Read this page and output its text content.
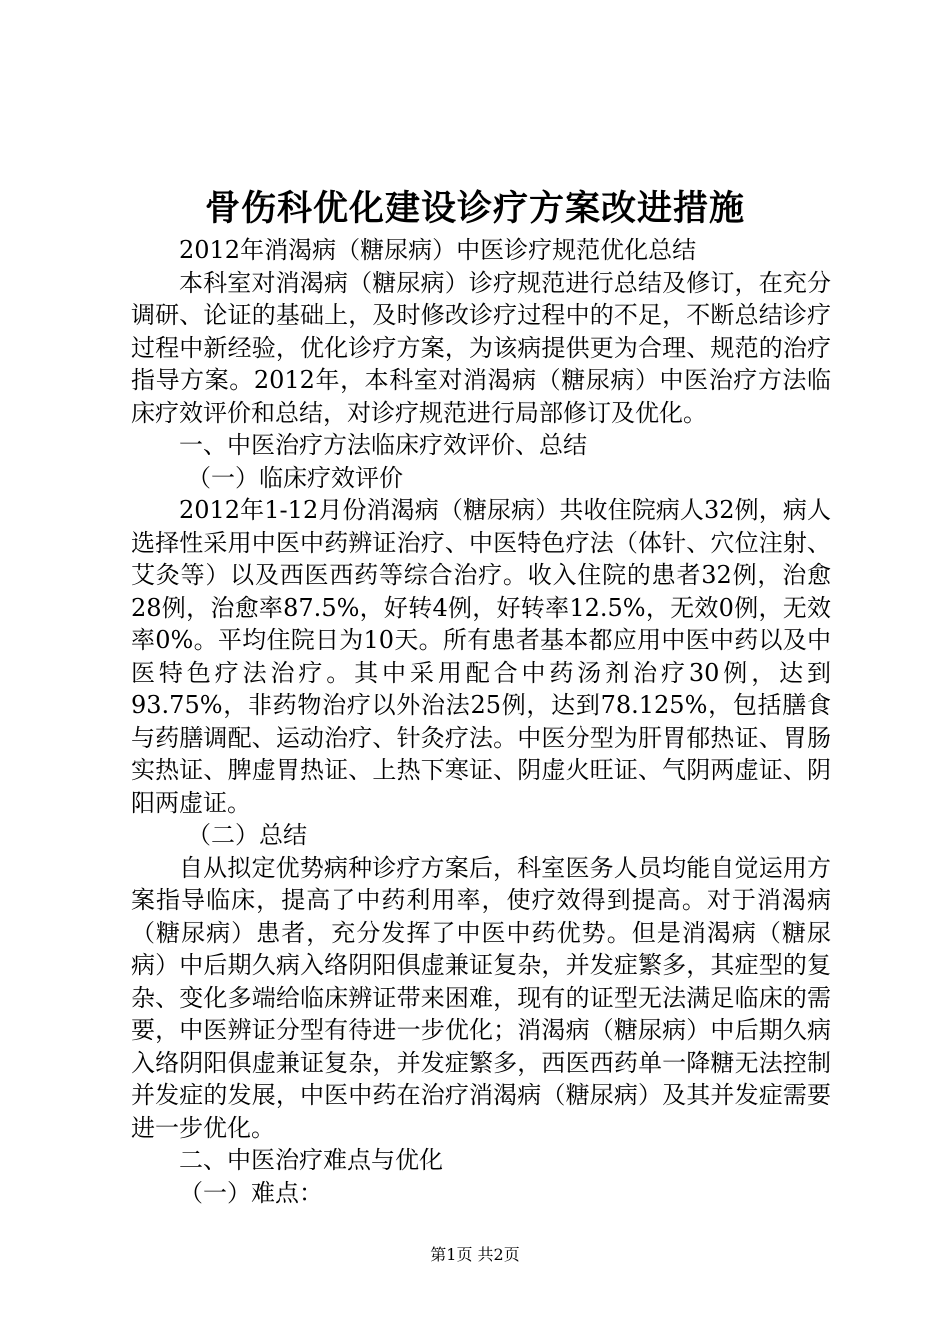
骨伤科优化建设诊疗方案改进措施

2012年消渴病（糖尿病）中医诊疗规范优化总结

本科室对消渴病（糖尿病）诊疗规范进行总结及修订，在充分调研、论证的基础上，及时修改诊疗过程中的不足，不断总结诊疗过程中新经验，优化诊疗方案，为该病提供更为合理、规范的治疗指导方案。2012年，本科室对消渴病（糖尿病）中医治疗方法临床疗效评价和总结，对诊疗规范进行局部修订及优化。

一、中医治疗方法临床疗效评价、总结

（一）临床疗效评价

2012年1-12月份消渴病（糖尿病）共收住院病人32例，病人选择性采用中医中药辨证治疗、中医特色疗法（体针、穴位注射、艾灸等）以及西医西药等综合治疗。收入住院的患者32例，治愈28例，治愈率87.5%，好转4例，好转率12.5%，无效0例，无效率0%。平均住院日为10天。所有患者基本都应用中医中药以及中医特色疗法治疗。其中采用配合中药汤剂治疗30例，达到93.75%，非药物治疗以外治法25例，达到78.125%，包括膳食与药膳调配、运动治疗、针灸疗法。中医分型为肝胃郁热证、胃肠实热证、脾虚胃热证、上热下寒证、阴虚火旺证、气阴两虚证、阴阳两虚证。

（二）总结

自从拟定优势病种诊疗方案后，科室医务人员均能自觉运用方案指导临床，提高了中药利用率，使疗效得到提高。对于消渴病（糖尿病）患者，充分发挥了中医中药优势。但是消渴病（糖尿病）中后期久病入络阴阳俱虚兼证复杂，并发症繁多，其症型的复杂、变化多端给临床辨证带来困难，现有的证型无法满足临床的需要，中医辨证分型有待进一步优化；消渴病（糖尿病）中后期久病入络阴阳俱虚兼证复杂，并发症繁多，西医西药单一降糖无法控制并发症的发展，中医中药在治疗消渴病（糖尿病）及其并发症需要进一步优化。

二、中医治疗难点与优化

（一）难点：

第1页 共2页
